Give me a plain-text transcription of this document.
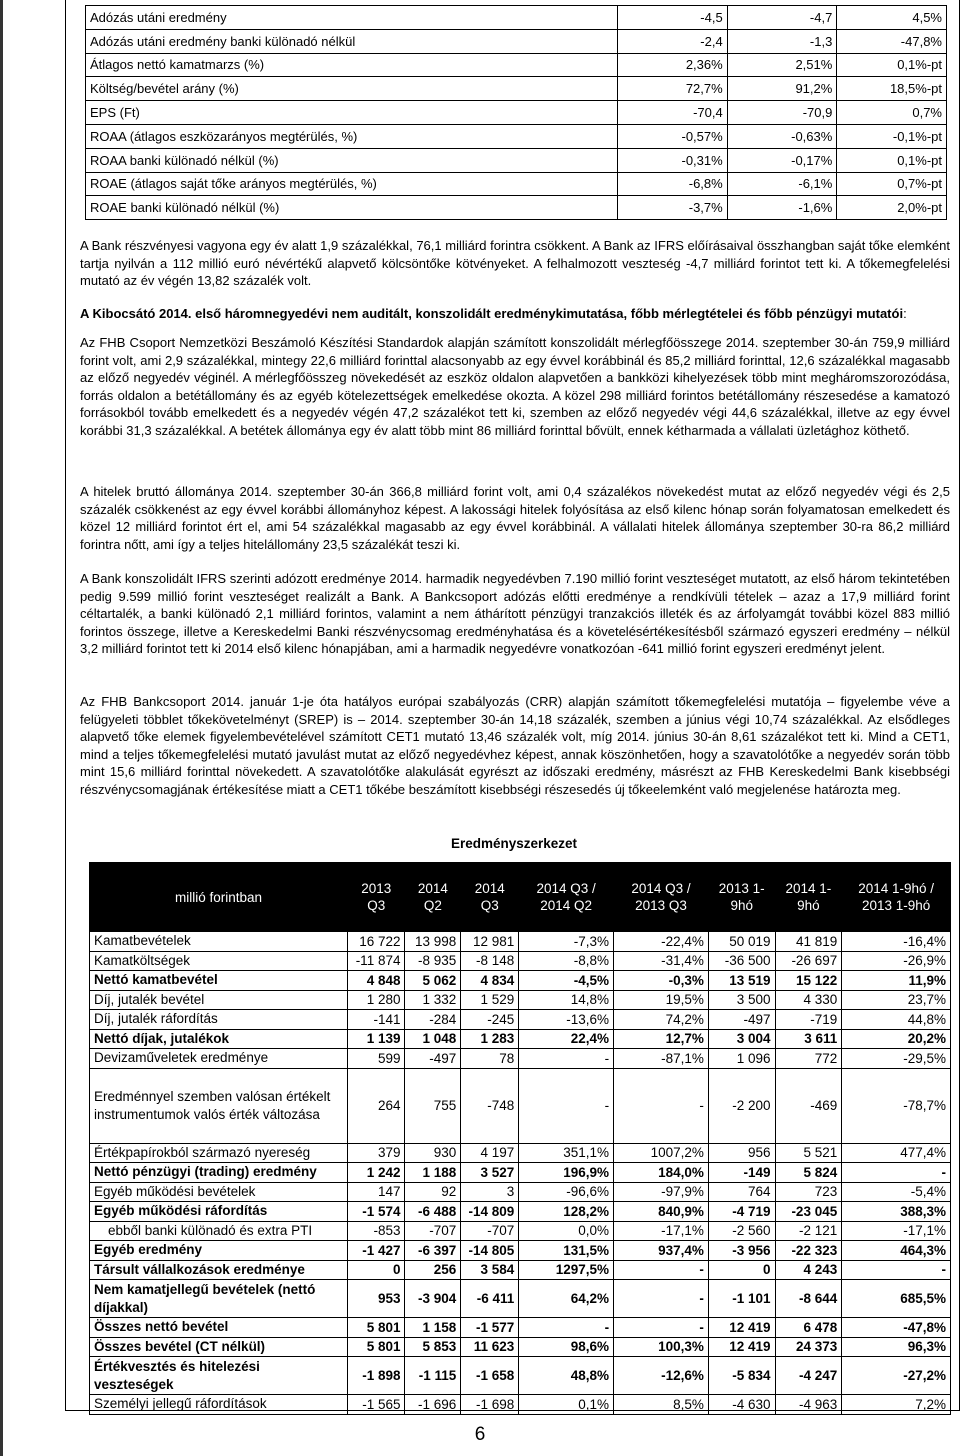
Adózás utáni eredmény	-4,5	-4,7	4,5%
Adózás utáni eredmény banki különadó nélkül	-2,4	-1,3	-47,8%
Átlagos nettó kamatmarzs (%)	2,36%	2,51%	0,1%-pt
Költség/bevétel arány (%)	72,7%	91,2%	18,5%-pt
EPS (Ft)	-70,4	-70,9	0,7%
ROAA (átlagos eszközarányos megtérülés, %)	-0,57%	-0,63%	-0,1%-pt
ROAA banki különadó nélkül (%)	-0,31%	-0,17%	0,1%-pt
ROAE (átlagos saját tőke arányos megtérülés, %)	-6,8%	-6,1%	0,7%-pt
ROAE banki különadó nélkül (%)	-3,7%	-1,6%	2,0%-pt

A Bank részvényesi vagyona egy év alatt 1,9 százalékkal, 76,1 milliárd forintra csökkent. A Bank az IFRS előírásaival összhangban saját tőke elemként tartja nyilván a 112 millió euró névértékű alapvető kölcsöntőke kötvényeket. A felhalmozott veszteség -4,7 milliárd forintot tett ki. A tőkemegfelelési mutató az év végén 13,82 százalék volt.

A Kibocsátó 2014. első háromnegyedévi nem auditált, konszolidált eredménykimutatása, főbb mérlegtételei és főbb pénzügyi mutatói:

Az FHB Csoport Nemzetközi Beszámoló Készítési Standardok alapján számított konszolidált mérlegfőösszege 2014. szeptember 30-án 759,9 milliárd forint volt, ami 2,9 százalékkal, mintegy 22,6 milliárd forinttal alacsonyabb az egy évvel korábbinál és 85,2 milliárd forinttal, 12,6 százalékkal magasabb az előző negyedév véginél. A mérlegfőösszeg növekedését az eszköz oldalon alapvetően a bankközi kihelyezések több mint megháromszorozódása, forrás oldalon a betétállomány és az egyéb kötelezettségek emelkedése okozta. A közel 298 milliárd forintos betétállomány részesedése a kamatozó forrásokból tovább emelkedett és a negyedév végén 47,2 százalékot tett ki, szemben az előző negyedév végi 44,6 százalékkal, illetve az egy évvel korábbi 31,3 százalékkal. A betétek állománya egy év alatt több mint 86 milliárd forinttal bővült, ennek kétharmada a vállalati üzletághoz köthető.

A hitelek bruttó állománya 2014. szeptember 30-án 366,8 milliárd forint volt, ami 0,4 százalékos növekedést mutat az előző negyedév végi és 2,5 százalék csökkenést az egy évvel korábbi állományhoz képest. A lakossági hitelek folyósítása az első kilenc hónap során folyamatosan emelkedett és közel 12 milliárd forintot ért el, ami 54 százalékkal magasabb az egy évvel korábbinál. A vállalati hitelek állománya szeptember 30-ra 86,2 milliárd forintra nőtt, ami így a teljes hitelállomány 23,5 százalékát teszi ki.

A Bank konszolidált IFRS szerinti adózott eredménye 2014. harmadik negyedévben 7.190 millió forint veszteséget mutatott, az első három tekintetében pedig 9.599 millió forint veszteséget realizált a Bank. A Bankcsoport adózás előtti eredménye a rendkívüli tételek – azaz a 17,9 milliárd forint céltartalék, a banki különadó 2,1 milliárd forintos, valamint a nem áthárított pénzügyi tranzakciós illeték és az árfolyamgát további közel 883 millió forintos összege, illetve a Kereskedelmi Banki részvénycsomag eredményhatása és a követelésértékesítésből származó egyszeri eredmény – nélkül 3,2 milliárd forintot tett ki 2014 első kilenc hónapjában, ami a harmadik negyedévre vonatkozóan -641 millió forint egyszeri eredményt jelent.

Az FHB Bankcsoport 2014. január 1-je óta hatályos európai szabályozás (CRR) alapján számított tőkemegfelelési mutatója – figyelembe véve a felügyeleti többlet tőkekövetelményt (SREP) is – 2014. szeptember 30-án 14,18 százalék, szemben a június végi 10,74 százalékkal. Az elsődleges alapvető tőke elemek figyelembevételével számított CET1 mutató 13,46 százalék volt, míg 2014. június 30-án 8,61 százalékot tett ki. Mind a CET1, mind a teljes tőkemegfelelési mutató javulást mutat az előző negyedévhez képest, annak köszönhetően, hogy a szavatolótőke a negyedév során több mint 15,6 milliárd forinttal növekedett. A szavatolótőke alakulását egyrészt az időszaki eredmény, másrészt az FHB Kereskedelmi Bank kisebbségi részvénycsomagjának értékesítése miatt a CET1 tőkébe beszámított kisebbségi részesedés új tőkeelemként való megjelenése határozta meg.

Eredményszerkezet
millió forintban	2013 Q3	2014 Q2	2014 Q3	2014 Q3 / 2014 Q2	2014 Q3 / 2013 Q3	2013 1-9hó	2014 1-9hó	2014 1-9hó / 2013 1-9hó
Kamatbevételek	16 722	13 998	12 981	-7,3%	-22,4%	50 019	41 819	-16,4%
Kamatköltségek	-11 874	-8 935	-8 148	-8,8%	-31,4%	-36 500	-26 697	-26,9%
Nettó kamatbevétel	4 848	5 062	4 834	-4,5%	-0,3%	13 519	15 122	11,9%
Díj, jutalék bevétel	1 280	1 332	1 529	14,8%	19,5%	3 500	4 330	23,7%
Díj, jutalék ráfordítás	-141	-284	-245	-13,6%	74,2%	-497	-719	44,8%
Nettó díjak, jutalékok	1 139	1 048	1 283	22,4%	12,7%	3 004	3 611	20,2%
Devizaműveletek eredménye	599	-497	78	-	-87,1%	1 096	772	-29,5%
Eredménnyel szemben valósan értékelt instrumentumok valós érték változása	264	755	-748	-	-	-2 200	-469	-78,7%
Értékpapírokból származó nyereség	379	930	4 197	351,1%	1007,2%	956	5 521	477,4%
Nettó pénzügyi (trading) eredmény	1 242	1 188	3 527	196,9%	184,0%	-149	5 824	-
Egyéb működési bevételek	147	92	3	-96,6%	-97,9%	764	723	-5,4%
Egyéb működési ráfordítás	-1 574	-6 488	-14 809	128,2%	840,9%	-4 719	-23 045	388,3%
ebből banki különadó és extra PTI	-853	-707	-707	0,0%	-17,1%	-2 560	-2 121	-17,1%
Egyéb eredmény	-1 427	-6 397	-14 805	131,5%	937,4%	-3 956	-22 323	464,3%
Társult vállalkozások eredménye	0	256	3 584	1297,5%	-	0	4 243	-
Nem kamatjellegű bevételek (nettó díjakkal)	953	-3 904	-6 411	64,2%	-	-1 101	-8 644	685,5%
Összes nettó bevétel	5 801	1 158	-1 577	-	-	12 419	6 478	-47,8%
Összes bevétel (CT nélkül)	5 801	5 853	11 623	98,6%	100,3%	12 419	24 373	96,3%
Értékvesztés és hitelezési veszteségek	-1 898	-1 115	-1 658	48,8%	-12,6%	-5 834	-4 247	-27,2%
Személyi jellegű ráfordítások	-1 565	-1 696	-1 698	0,1%	8,5%	-4 630	-4 963	7,2%
6
